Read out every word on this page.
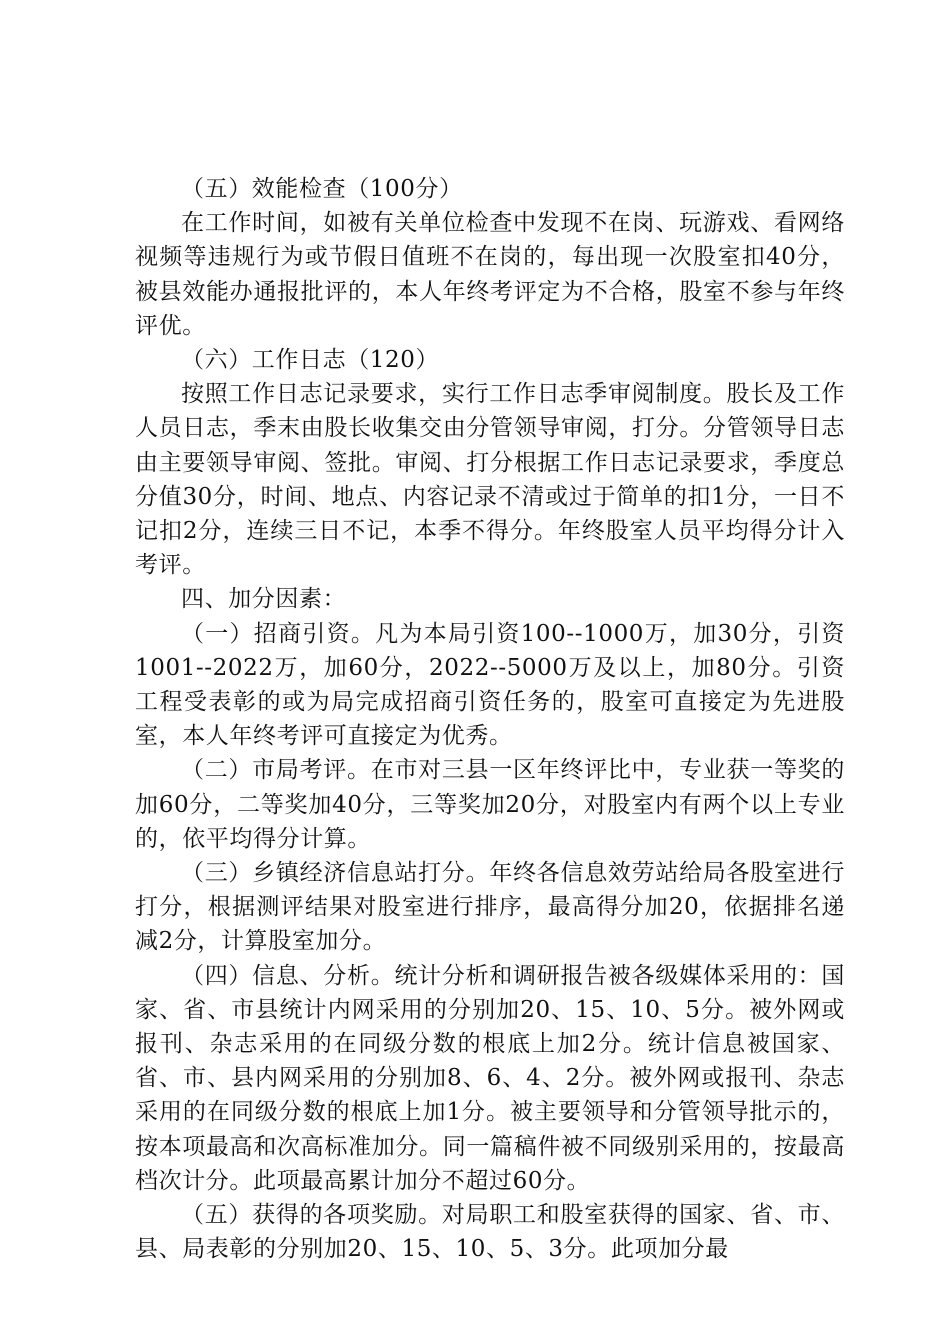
（五）效能检查（100分）

在工作时间，如被有关单位检查中发现不在岗、玩游戏、看网络视频等违规行为或节假日值班不在岗的，每出现一次股室扣40分，被县效能办通报批评的，本人年终考评定为不合格，股室不参与年终评优。

（六）工作日志（120）

按照工作日志记录要求，实行工作日志季审阅制度。股长及工作人员日志，季末由股长收集交由分管领导审阅，打分。分管领导日志由主要领导审阅、签批。审阅、打分根据工作日志记录要求，季度总分值30分，时间、地点、内容记录不清或过于简单的扣1分，一日不记扣2分，连续三日不记，本季不得分。年终股室人员平均得分计入考评。

四、加分因素：

（一）招商引资。凡为本局引资100--1000万，加30分，引资1001--2022万，加60分，2022--5000万及以上，加80分。引资工程受表彰的或为局完成招商引资任务的，股室可直接定为先进股室，本人年终考评可直接定为优秀。

（二）市局考评。在市对三县一区年终评比中，专业获一等奖的加60分，二等奖加40分，三等奖加20分，对股室内有两个以上专业的，依平均得分计算。

（三）乡镇经济信息站打分。年终各信息效劳站给局各股室进行打分，根据测评结果对股室进行排序，最高得分加20，依据排名递减2分，计算股室加分。

（四）信息、分析。统计分析和调研报告被各级媒体采用的：国家、省、市县统计内网采用的分别加20、15、10、5分。被外网或报刊、杂志采用的在同级分数的根底上加2分。统计信息被国家、省、市、县内网采用的分别加8、6、4、2分。被外网或报刊、杂志采用的在同级分数的根底上加1分。被主要领导和分管领导批示的，按本项最高和次高标准加分。同一篇稿件被不同级别采用的，按最高档次计分。此项最高累计加分不超过60分。

（五）获得的各项奖励。对局职工和股室获得的国家、省、市、县、局表彰的分别加20、15、10、5、3分。此项加分最
